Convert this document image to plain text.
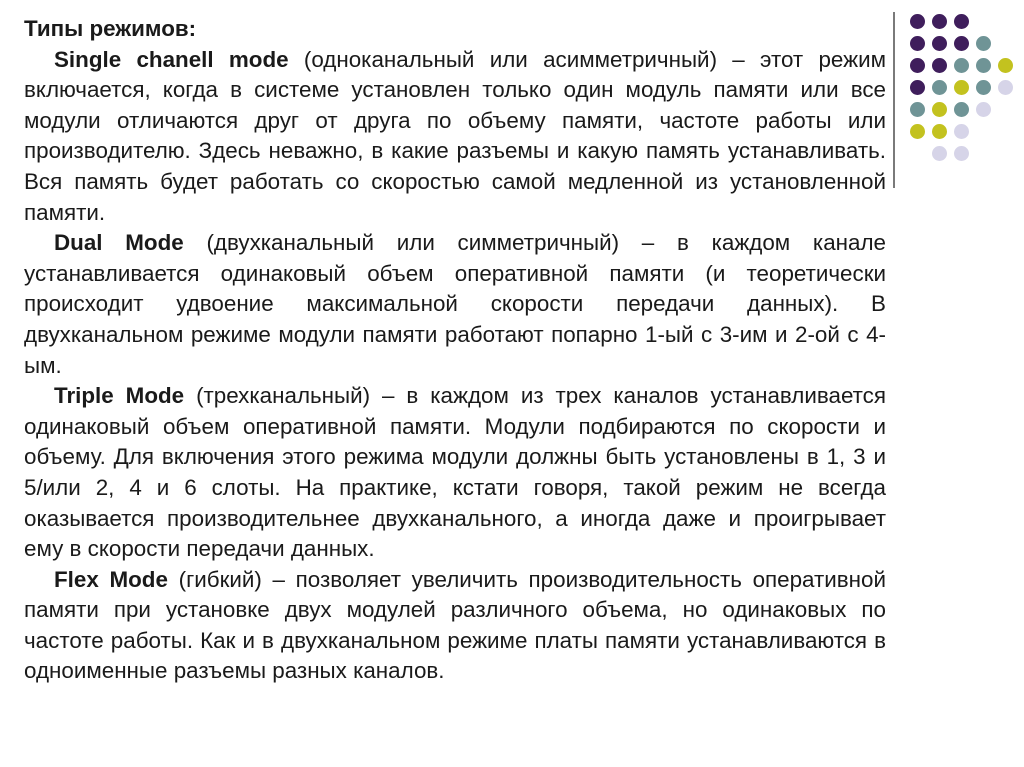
Типы режимов:

Single chanell mode (одноканальный или асимметричный) – этот режим включается, когда в системе установлен только один модуль памяти или все модули отличаются друг от друга по объему памяти, частоте работы или производителю. Здесь неважно, в какие разъемы и какую память устанавливать. Вся память будет работать со скоростью самой медленной из установленной памяти.

Dual Mode (двухканальный или симметричный) – в каждом канале устанавливается одинаковый объем оперативной памяти (и теоретически происходит удвоение максимальной скорости передачи данных). В двухканальном режиме модули памяти работают попарно 1-ый с 3-им и 2-ой с 4-ым.

Triple Mode (трехканальный) – в каждом из трех каналов устанавливается одинаковый объем оперативной памяти. Модули подбираются по скорости и объему. Для включения этого режима модули должны быть установлены в 1, 3 и 5/или 2, 4 и 6 слоты. На практике, кстати говоря, такой режим не всегда оказывается производительнее двухканального, а иногда даже и проигрывает ему в скорости передачи данных.

Flex Mode (гибкий) – позволяет увеличить производительность оперативной памяти при установке двух модулей различного объема, но одинаковых по частоте работы. Как и в двухканальном режиме платы памяти устанавливаются в одноименные разъемы разных каналов.
